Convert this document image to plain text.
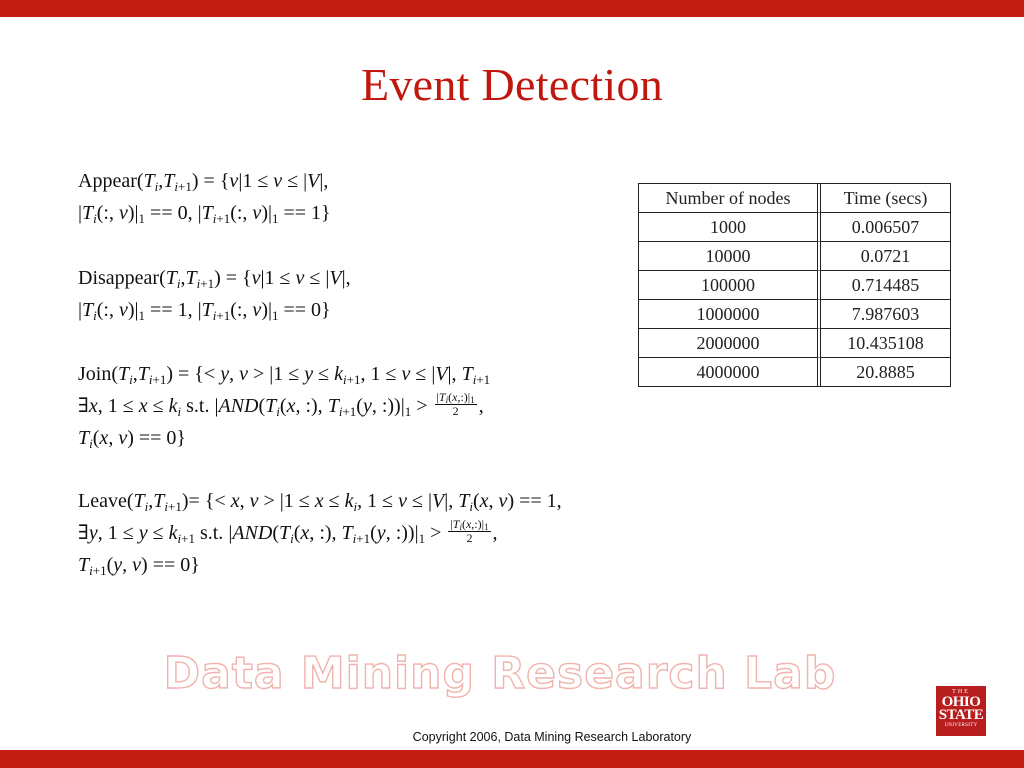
Event Detection
$Appear(T_i,T_{i+1}) = \{v|1 \le v \le |V|$,
$|T_i$(:, $v)|_1 == 0$, $|T_{i+1}$(:, $v)|_1 == 1$}
$Disappear(T_i,T_{i+1}) = \{v|1 \le v \le |V|$,
$|T_i$(:, $v)|_1 == 1$, $|T_{i+1}$(:, $v)|_1 == 0$}
$Join(T_i,T_{i+1})$ = {< y, $v > |1 \le y \le k_{i+1}$, 1 ≤ v ≤ |V|, $T_{i+1}$
∃x, $1 \le x \le k_i$ s.t. $|AND(T_i(x$, :), $T_{i+1}(y$, $:))|_1 > \frac{|T_i(x,:)|_1}{2}$ ,
$T_i(x$, v) == 0}
$Leave(T_i,T_{i+1})=$ {< x, $v > |1 \le x \le k_i$, 1 ≤ v ≤ |V|, $T_i(x$, v) == 1,
∃y, $1 \le y \le k_{i+1}$ s.t. $|AND(T_i(x$, :), $T_{i+1}(y$, $:))|_1 > \frac{|T_i(x,:)|_1}{2}$ ,
$T_{i+1}(y$, v) == 0}
Number of nodes	Time (secs)
1000	0.006507
10000	0.0721
100000	0.714485
1000000	7.987603
2000000	10.435108
4000000	20.8885
Data Mining Research Lab	THE
OHIO
STATE
UNIVERSITY
Copyright 2006, Data Mining Research Laboratory
